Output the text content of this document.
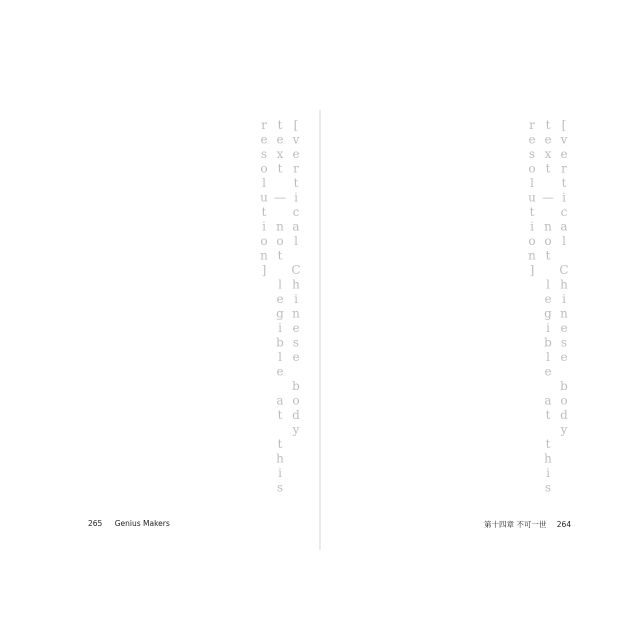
[vertical Chinese body text — not legible at this resolution]	[vertical Chinese body text — not legible at this resolution]
265 Genius Makers	第十四章 不可一世 264
